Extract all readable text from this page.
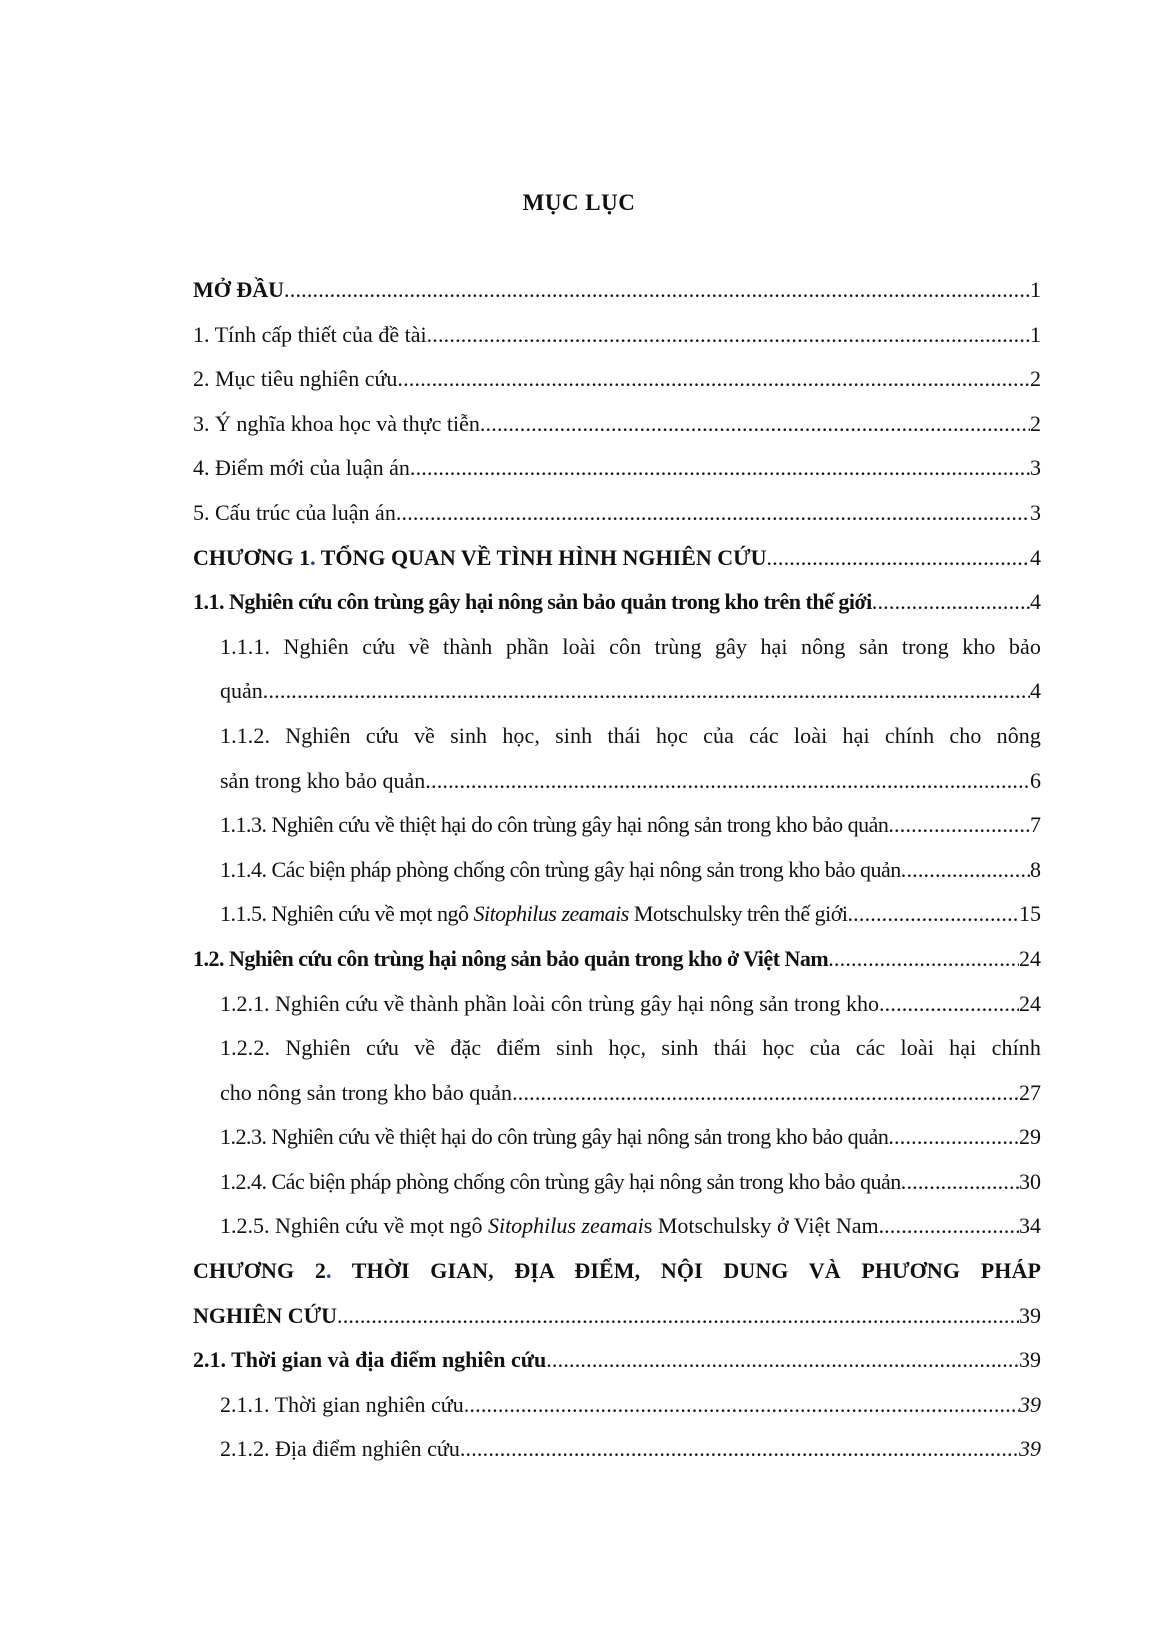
MỤC LỤC
MỞ ĐẦU .....	1
1. Tính cấp thiết của đề tài .....	1
2. Mục tiêu nghiên cứu .....	2
3. Ý nghĩa khoa học và thực tiễn .....	2
4. Điểm mới của luận án .....	3
5. Cấu trúc của luận án .....	3
CHƯƠNG 1. TỔNG QUAN VỀ TÌNH HÌNH NGHIÊN CỨU .....	4
1.1. Nghiên cứu côn trùng gây hại nông sản bảo quản trong kho trên thế giới .....	4
1.1.1. Nghiên cứu về thành phần loài côn trùng gây hại nông sản trong kho bảo
quản .....	4
1.1.2. Nghiên cứu về sinh học, sinh thái học của các loài hại chính cho nông
sản trong kho bảo quản .....	6
1.1.3. Nghiên cứu về thiệt hại do côn trùng gây hại nông sản trong kho bảo quản .....	7
1.1.4. Các biện pháp phòng chống côn trùng gây hại nông sản trong kho bảo quản .....	8
1.1.5. Nghiên cứu về mọt ngô Sitophilus zeamais Motschulsky trên thế giới .....	15
1.2. Nghiên cứu côn trùng hại nông sản bảo quản trong kho ở Việt Nam .....	24
1.2.1. Nghiên cứu về thành phần loài côn trùng gây hại nông sản trong kho .....	24
1.2.2. Nghiên cứu về đặc điểm sinh học, sinh thái học của các loài hại chính
cho nông sản trong kho bảo quản .....	27
1.2.3. Nghiên cứu về thiệt hại do côn trùng gây hại nông sản trong kho bảo quản .....	29
1.2.4. Các biện pháp phòng chống côn trùng gây hại nông sản trong kho bảo quản .....	30
1.2.5. Nghiên cứu về mọt ngô Sitophilus zeamais Motschulsky ở Việt Nam. .....	34
CHƯƠNG 2. THỜI GIAN, ĐỊA ĐIỂM, NỘI DUNG VÀ PHƯƠNG PHÁP
NGHIÊN CỨU .....	39
2.1. Thời gian và địa điểm nghiên cứu .....	39
2.1.1. Thời gian nghiên cứu .....	39
2.1.2. Địa điểm nghiên cứu .....	39
